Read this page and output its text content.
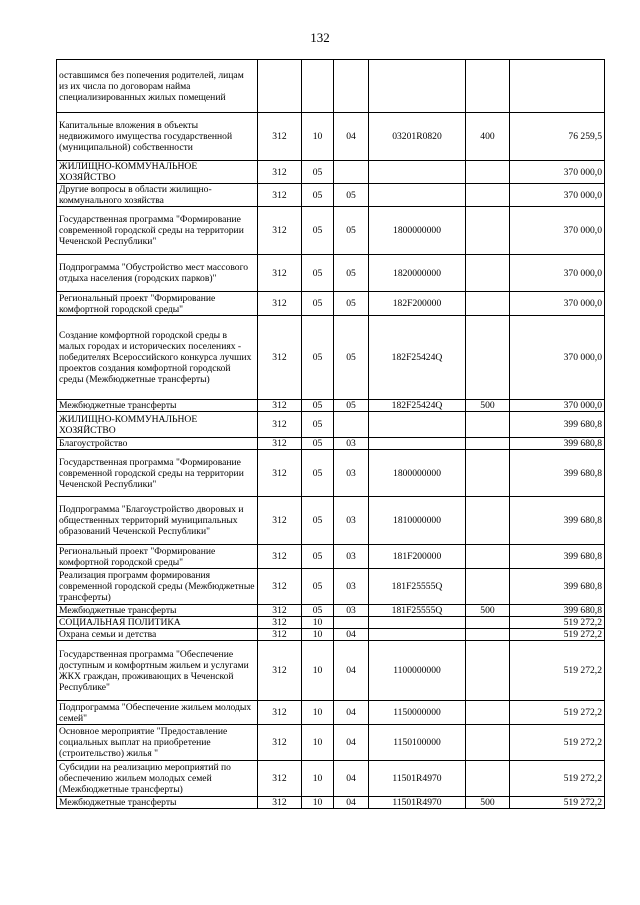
132
оставшимся без попечения родителей, лицам из их числа по договорам найма специализированных жилых помещений						
Капитальные вложения в объекты недвижимого имущества государственной (муниципальной) собственности	312	10	04	03201R0820	400	76 259,5
ЖИЛИЩНО-КОММУНАЛЬНОЕ ХОЗЯЙСТВО	312	05				370 000,0
Другие вопросы в области жилищно-коммунального хозяйства	312	05	05			370 000,0
Государственная программа "Формирование современной городской среды на территории Чеченской Республики"	312	05	05	1800000000		370 000,0
Подпрограмма "Обустройство мест массового отдыха населения (городских парков)"	312	05	05	1820000000		370 000,0
Региональный проект "Формирование комфортной городской среды"	312	05	05	182F200000		370 000,0
Создание комфортной городской среды в малых городах и исторических поселениях - победителях Всероссийского конкурса лучших проектов создания комфортной городской среды (Межбюджетные трансферты)	312	05	05	182F25424Q		370 000,0
Межбюджетные трансферты	312	05	05	182F25424Q	500	370 000,0
ЖИЛИЩНО-КОММУНАЛЬНОЕ ХОЗЯЙСТВО	312	05				399 680,8
Благоустройство	312	05	03			399 680,8
Государственная программа "Формирование современной городской среды на территории Чеченской Республики"	312	05	03	1800000000		399 680,8
Подпрограмма "Благоустройство дворовых и общественных территорий муниципальных образований Чеченской Республики"	312	05	03	1810000000		399 680,8
Региональный проект "Формирование комфортной городской среды"	312	05	03	181F200000		399 680,8
Реализация программ формирования современной городской среды (Межбюджетные трансферты)	312	05	03	181F25555Q		399 680,8
Межбюджетные трансферты	312	05	03	181F25555Q	500	399 680,8
СОЦИАЛЬНАЯ ПОЛИТИКА	312	10				519 272,2
Охрана семьи и детства	312	10	04			519 272,2
Государственная программа "Обеспечение доступным и комфортным жильем и услугами ЖКХ граждан, проживающих в Чеченской Республике"	312	10	04	1100000000		519 272,2
Подпрограмма "Обеспечение жильем молодых семей"	312	10	04	1150000000		519 272,2
Основное мероприятие "Предоставление социальных выплат на приобретение (строительство) жилья "	312	10	04	1150100000		519 272,2
Субсидии на реализацию мероприятий по обеспечению жильем молодых семей (Межбюджетные трансферты)	312	10	04	11501R4970		519 272,2
Межбюджетные трансферты	312	10	04	11501R4970	500	519 272,2
